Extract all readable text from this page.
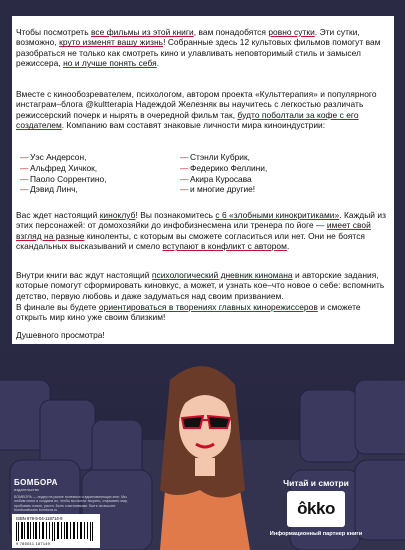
Чтобы посмотреть все фильмы из этой книги, вам понадобятся ровно сутки. Эти сутки, возможно, круто изменят вашу жизнь! Собранные здесь 12 культовых фильмов помогут вам разобраться не только как смотреть кино и улавливать неповторимый стиль и замысел режиссера, но и лучше понять себя.

Вместе с кинообозревателем, психологом, автором проекта «Культтерапия» и популярного инстаграм–блога @kultterapia Надеждой Железняк вы научитесь с легкостью различать режиссерский почерк и нырять в очередной фильм так, будто поболтали за кофе с его создателем. Компанию вам составят знаковые личности мира киноиндустрии:

— Уэс Андерсон,
— Альфред Хичкок,
— Паоло Соррентино,
— Дэвид Линч,
— Стэнли Кубрик,
— Федерико Феллини,
— Акира Куросава
— и многие другие!

Вас ждет настоящий киноклуб! Вы познакомитесь с 6 «злобными кинокритиками». Каждый из этих персонажей: от домохозяйки до инфобизнесмена или тренера по йоге — имеет свой взгляд на разные киноленты, с которым вы сможете согласиться или нет. Они не боятся скандальных высказываний и смело вступают в конфликт с автором.

Внутри книги вас ждут настоящий психологический дневник киномана и авторские задания, которые помогут сформировать киновкус, а может, и узнать кое–что новое о себе: вспомнить детство, первую любовь и даже задуматься над своим призванием.

В финале вы будете ориентироваться в творениях главных кинорежиссеров и сможете открыть мир кино уже своим близким!

Душевного просмотра!
БОМБОРА
издательство
БОМБОРА — лидер на рынке полезных и вдохновляющих книг. Мы любим книги и создаем их, чтобы вы могли творить, открывать мир, пробовать новое, расти. Быть счастливыми. Быть на высоте.
bomborabooks bombora.ru
ISBN 978-5-04-118714-9
9 785041 187149
Читай и смотри
ôkko
Информационный партнер книги
